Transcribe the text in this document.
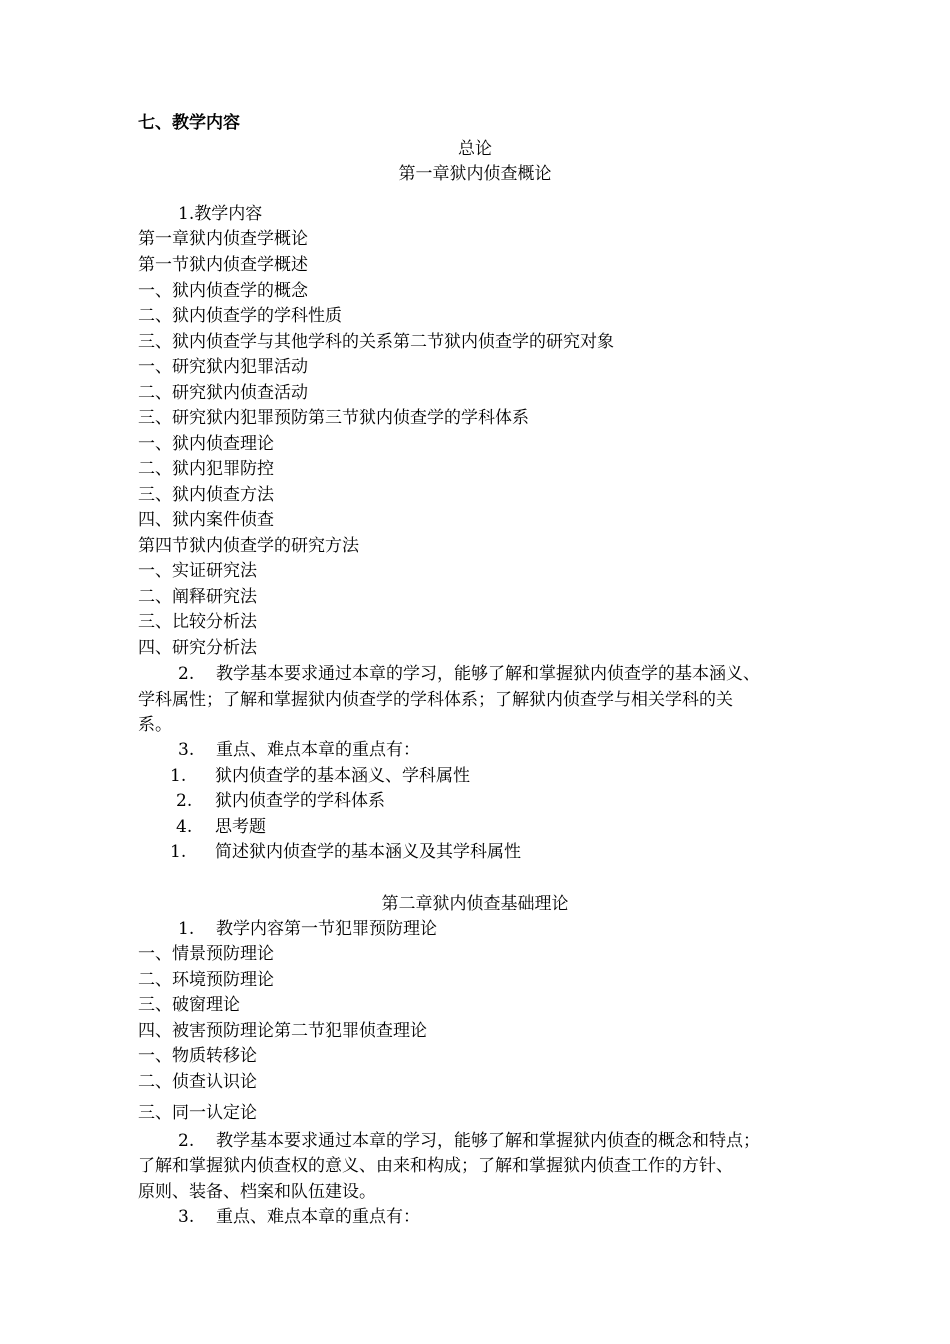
七、教学内容
总论
第一章狱内侦查概论
1.教学内容
第一章狱内侦查学概论
第一节狱内侦查学概述
一、狱内侦查学的概念
二、狱内侦查学的学科性质
三、狱内侦查学与其他学科的关系第二节狱内侦查学的研究对象
一、研究狱内犯罪活动
二、研究狱内侦查活动
三、研究狱内犯罪预防第三节狱内侦查学的学科体系
一、狱内侦查理论
二、狱内犯罪防控
三、狱内侦查方法
四、狱内案件侦查
第四节狱内侦查学的研究方法
一、实证研究法
二、阐释研究法
三、比较分析法
四、研究分析法
2. 教学基本要求通过本章的学习，能够了解和掌握狱内侦查学的基本涵义、
学科属性；了解和掌握狱内侦查学的学科体系；了解狱内侦查学与相关学科的关
系。
3. 重点、难点本章的重点有：
1. 狱内侦查学的基本涵义、学科属性
2. 狱内侦查学的学科体系
4. 思考题
1. 简述狱内侦查学的基本涵义及其学科属性
第二章狱内侦查基础理论
1. 教学内容第一节犯罪预防理论
一、情景预防理论
二、环境预防理论
三、破窗理论
四、被害预防理论第二节犯罪侦查理论
一、物质转移论
二、侦查认识论
三、同一认定论
2. 教学基本要求通过本章的学习，能够了解和掌握狱内侦查的概念和特点；
了解和掌握狱内侦查权的意义、由来和构成；了解和掌握狱内侦查工作的方针、
原则、装备、档案和队伍建设。
3. 重点、难点本章的重点有：
